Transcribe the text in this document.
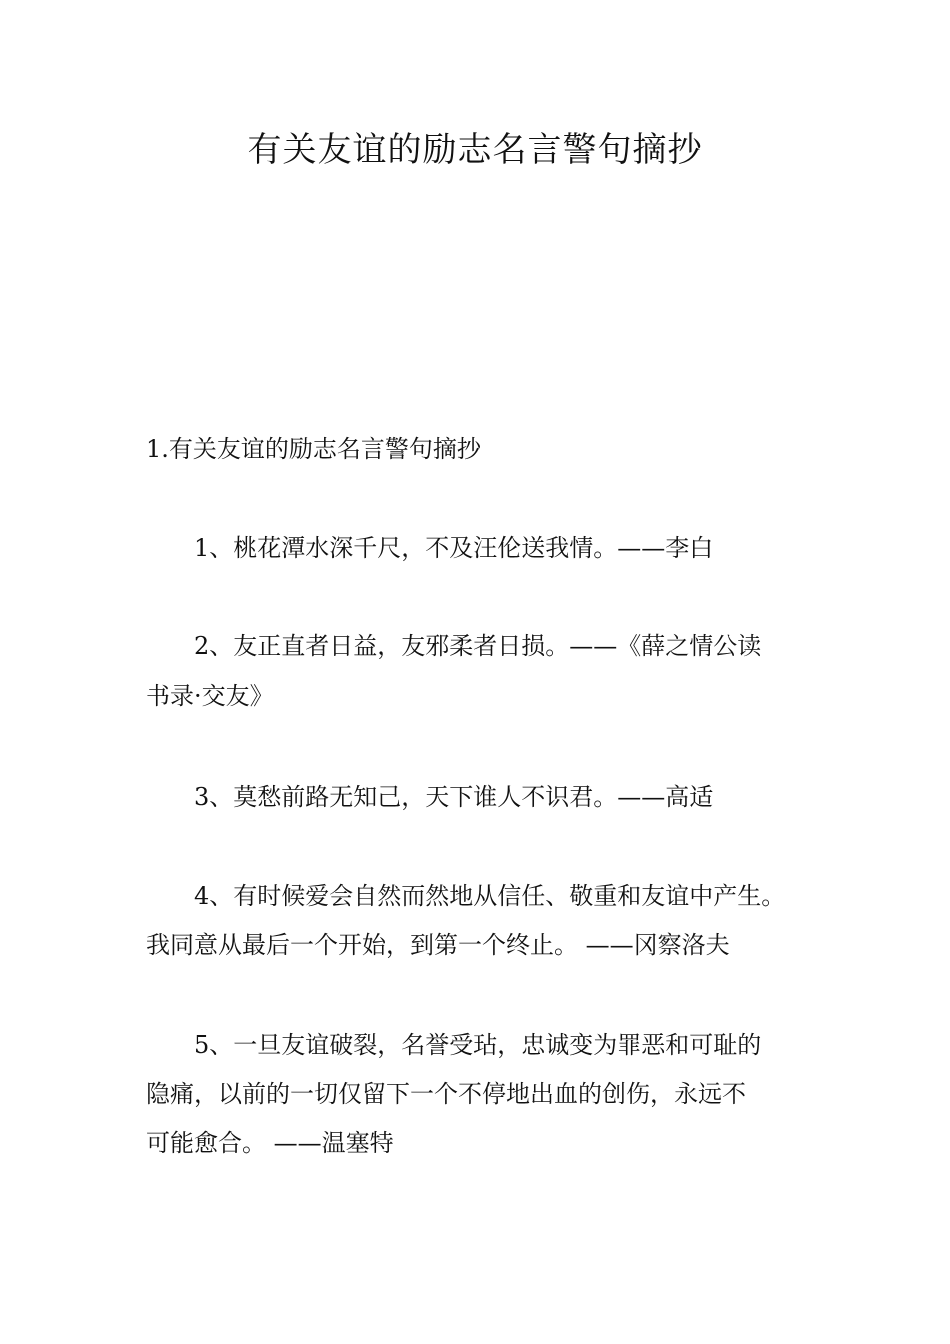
有关友谊的励志名言警句摘抄
1.有关友谊的励志名言警句摘抄
1、桃花潭水深千尺，不及汪伦送我情。——李白
2、友正直者日益，友邪柔者日损。——《薛之情公读
书录·交友》
3、莫愁前路无知己，天下谁人不识君。——高适
4、有时候爱会自然而然地从信任、敬重和友谊中产生。
我同意从最后一个开始，到第一个终止。 ——冈察洛夫
5、一旦友谊破裂，名誉受玷，忠诚变为罪恶和可耻的
隐痛，以前的一切仅留下一个不停地出血的创伤，永远不
可能愈合。 ——温塞特
